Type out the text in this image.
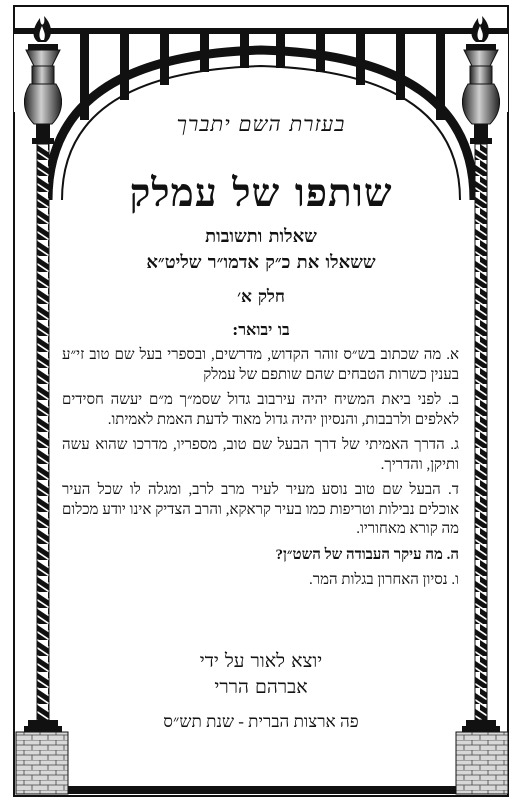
בעזרת השם יתברך
שותפו של עמלק
שאלות ותשובות
ששאלו את כ״ק אדמו״ר שליט״א
חלק א׳
בו יבואר:
א. מה שכתוב בש״ס זוהר הקדוש, מדרשים, ובספרי בעל שם טוב זי״ע בענין כשרות הטבחים שהם שותפם של עמלק
ב. לפני ביאת המשיח יהיה עירבוב גדול שסמ״ך מ״ם יעשה חסידים לאלפים ולרבבות, והנסיון יהיה גדול מאוד לדעת האמת לאמיתו.
ג. הדרך האמיתי של דרך הבעל שם טוב, מספריו, מדרכו שהוא עשה ותיקן, והדריך.
ד. הבעל שם טוב נוסע מעיר לעיר מרב לרב, ומגלה לו שכל העיר אוכלים נבילות וטריפות כמו בעיר קראקא, והרב הצדיק אינו יודע מכלום מה קורא מאחוריו.
ה. מה עיקר העבודה של השט״ן?
ו. נסיון האחרון בגלות המר.
יוצא לאור על ידי
אברהם הררי
פה ארצות הברית - שנת תש״ס
